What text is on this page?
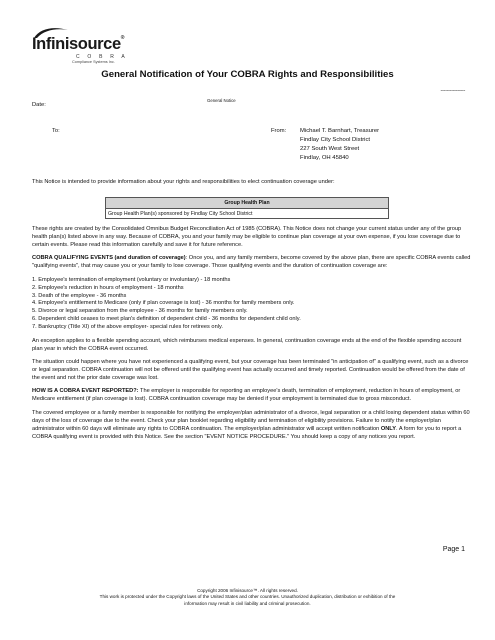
Infinisource®
C O B R A
Compliance Systems Inc.
General Notification of Your COBRA Rights and Responsibilities
----------------
General Notice
Date:
To:	From: Michael T. Barnhart, Treasurer
Findlay City School District
227 South West Street
Findlay, OH 45840
This Notice is intended to provide information about your rights and responsibilities to elect continuation coverage under:
Group Health Plan
Group Health Plan(s) sponsored by Findlay City School District

These rights are created by the Consolidated Omnibus Budget Reconciliation Act of 1985 (COBRA). This Notice does not change your current status under any of the group health plan(s) listed above in any way. Because of COBRA, you and your family may be eligible to continue plan coverage at your own expense, if you lose coverage due to certain events. Please read this information carefully and save it for future reference.

COBRA QUALIFYING EVENTS (and duration of coverage): Once you, and any family members, become covered by the above plan, there are specific COBRA events called "qualifying events", that may cause you or your family to lose coverage. Those qualifying events and the duration of continuation coverage are:

1. Employee's termination of employment (voluntary or involuntary) - 18 months
2. Employee's reduction in hours of employment - 18 months
3. Death of the employee - 36 months
4. Employee's entitlement to Medicare (only if plan coverage is lost) - 36 months for family members only.
5. Divorce or legal separation from the employee - 36 months for family members only.
6. Dependent child ceases to meet plan's definition of dependent child - 36 months for dependent child only.
7. Bankruptcy (Title XI) of the above employer- special rules for retirees only.

An exception applies to a flexible spending account, which reimburses medical expenses. In general, continuation coverage ends at the end of the flexible spending account plan year in which the COBRA event occurred.

The situation could happen where you have not experienced a qualifying event, but your coverage has been terminated "in anticipation of" a qualifying event, such as a divorce or legal separation. COBRA continuation will not be offered until the qualifying event has actually occurred and timely reported. Continuation would be offered from the date of the event and not the prior date coverage was lost.

HOW IS A COBRA EVENT REPORTED?: The employer is responsible for reporting an employee's death, termination of employment, reduction in hours of employment, or Medicare entitlement (if plan coverage is lost). COBRA continuation coverage may be denied if your employment is terminated due to gross misconduct.

The covered employee or a family member is responsible for notifying the employer/plan administrator of a divorce, legal separation or a child losing dependent status within 60 days of the loss of coverage due to the event. Check your plan booklet regarding eligibility and termination of eligibility provisions. Failure to notify the employer/plan administrator within 60 days will eliminate any rights to COBRA continuation. The employer/plan administrator will accept written notification ONLY. A form for you to report a COBRA qualifying event is provided with this Notice. See the section "EVENT NOTICE PROCEDURE." You should keep a copy of any notices you report.

Page 1
Copyright 2006 Infinisource™. All rights reserved.
This work is protected under the Copyright laws of the United States and other countries. Unauthorized duplication, distribution or exhibition of the
information may result in civil liability and criminal prosecution.
